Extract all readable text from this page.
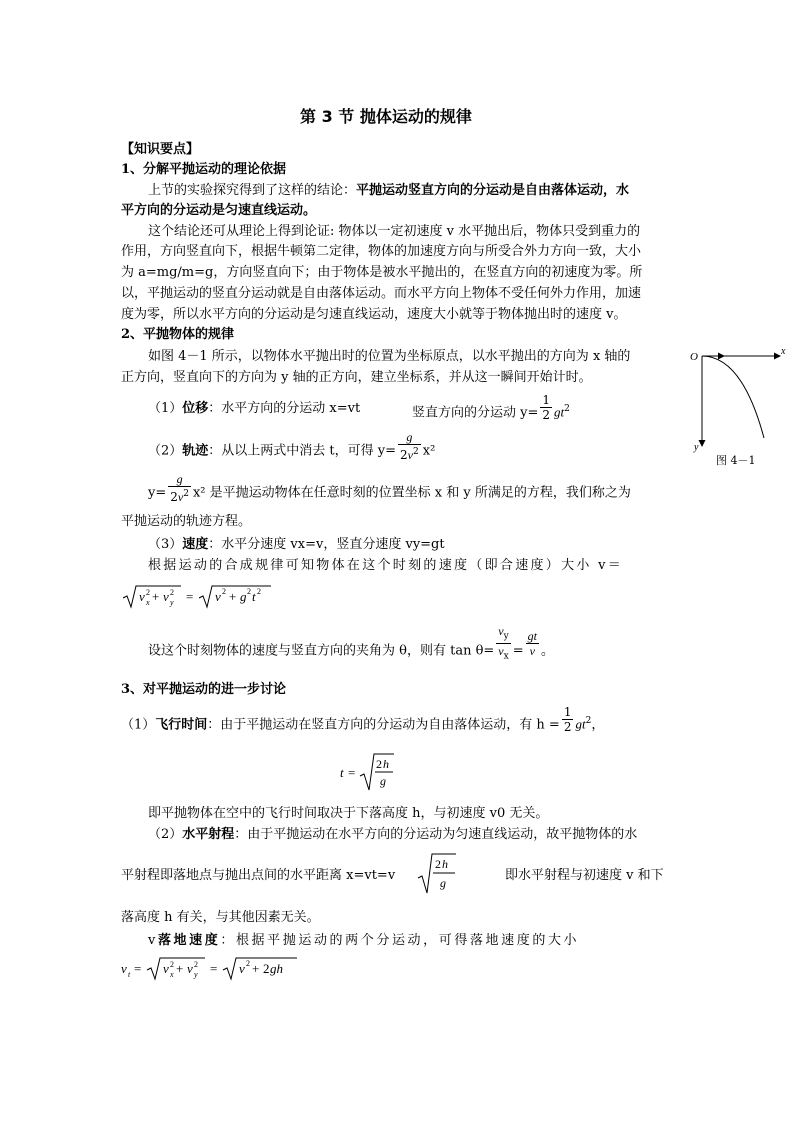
第 3 节 抛体运动的规律
【知识要点】
1、分解平抛运动的理论依据
上节的实验探究得到了这样的结论：平抛运动竖直方向的分运动是自由落体运动，水
平方向的分运动是匀速直线运动。
这个结论还可从理论上得到论证: 物体以一定初速度 v 水平抛出后，物体只受到重力的
作用，方向竖直向下，根据牛顿第二定律，物体的加速度方向与所受合外力方向一致，大小
为 a=mg/m=g，方向竖直向下；由于物体是被水平抛出的，在竖直方向的初速度为零。所
以，平抛运动的竖直分运动就是自由落体运动。而水平方向上物体不受任何外力作用，加速
度为零，所以水平方向的分运动是匀速直线运动，速度大小就等于物体抛出时的速度 v。
2、平抛物体的规律
如图 4－1 所示，以物体水平抛出时的位置为坐标原点，以水平抛出的方向为 x 轴的
正方向，竖直向下的方向为 y 轴的正方向，建立坐标系，并从这一瞬间开始计时。
（1）位移：水平方向的分运动 x=vt	竖直方向的分运动 $y= \frac{1}{2} gt^2$
（2）轨迹：从以上两式中消去 t，可得 $y= \frac{g}{2v^2} x^2$
$y= \frac{g}{2v^2} x^2$ 是平抛运动物体在任意时刻的位置坐标 x 和 y 所满足的方程，我们称之为
平抛运动的轨迹方程。
（3）速度：水平分速度 vx=v，竖直分速度 vy=gt
根据运动的合成规律可知物体在这个时刻的速度（即合速度）大小 v＝
v 2
x + v 2
y = v 2 + g 2 t 2
设这个时刻物体的速度与竖直方向的夹角为 θ，则有 $\tan \theta= \frac{v_y}{v_x} = \frac{gt}{v}$ 。
3、对平抛运动的进一步讨论
（1）飞行时间：由于平抛运动在竖直方向的分运动为自由落体运动，有 $h = \frac{1}{2} gt^2$，
t =
2 h
g
即平抛物体在空中的飞行时间取决于下落高度 h，与初速度 v0 无关。
（2）水平射程：由于平抛运动在水平方向的分运动为匀速直线运动，故平抛物体的水
平射程即落地点与抛出点间的水平距离 x=vt=v
2 h
g	即水平射程与初速度 v 和下
落高度 h 有关，与其他因素无关。
v落地速度：根据平抛运动的两个分运动，可得落地速度的大小
v t = v 2
x + v 2
y = v 2 + 2 gh
O	x
y
图 4－1
